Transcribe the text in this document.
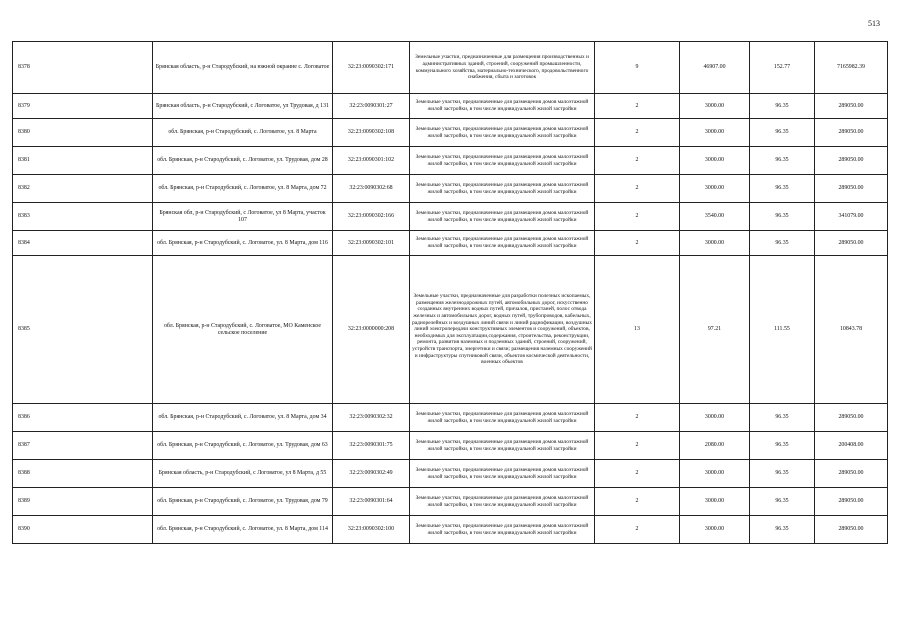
513
8378	Брянская область, р-н Стародубский, на южной окраине с. Логоватое	32:23:0090302:171	Земельные участки, предназначенные для размещения производственных и административных зданий, строений, сооружений промышленности, коммунального хозяйства, материально-технического, продовольственного снабжения, сбыта и заготовок	9	46907.00	152.77	7165982.39
8379	Брянская область, р-н Стародубский, с Логоватое, ул Трудовая, д 131	32:23:0090301:27	Земельные участки, предназначенные для размещения домов малоэтажной жилой застройки, в том числе индивидуальной жилой застройки	2	3000.00	96.35	289050.00
8380	обл. Брянская, р-н Стародубский, с. Логоватое, ул. 8 Марта	32:23:0090302:108	Земельные участки, предназначенные для размещения домов малоэтажной жилой застройки, в том числе индивидуальной жилой застройки	2	3000.00	96.35	289050.00
8381	обл. Брянская, р-н Стародубский, с. Логоватое, ул. Трудовая, дом 28	32:23:0090301:102	Земельные участки, предназначенные для размещения домов малоэтажной жилой застройки, в том числе индивидуальной жилой застройки	2	3000.00	96.35	289050.00
8382	обл. Брянская, р-н Стародубский, с. Логоватое, ул. 8 Марта, дом 72	32:23:0090302:68	Земельные участки, предназначенные для размещения домов малоэтажной жилой застройки, в том числе индивидуальной жилой застройки	2	3000.00	96.35	289050.00
8383	Брянская обл, р-н Стародубский, с Логоватое, ул 8 Марта, участок 107	32:23:0090302:166	Земельные участки, предназначенные для размещения домов малоэтажной жилой застройки, в том числе индивидуальной жилой застройки	2	3540.00	96.35	341079.00
8384	обл. Брянская, р-н Стародубский, с. Логоватое, ул. 8 Марта, дом 116	32:23:0090302:101	Земельные участки, предназначенные для размещения домов малоэтажной жилой застройки, в том числе индивидуальной жилой застройки	2	3000.00	96.35	289050.00
8385	обл. Брянская, р-н Стародубский, с. Логоватое, МО Каменское сельское поселение	32:23:0000000:208	Земельные участки, предназначенные для разработки полезных ископаемых, размещения железнодорожных путей, автомобильных дорог, искусственно созданных внутренних водных путей, причалов, пристаней, полос отвода железных и автомобильных дорог, водных путей, трубопроводов, кабельных, радиорелейных и воздушных линий связи и линий радиофикации, воздушных линий электропередачи конструктивных элементов и сооружений, объектов, необходимых для эксплуатации,содержания, строительства, реконструкции, ремонта, развития наземных и подземных зданий, строений, сооружений, устройств транспорта, энергетики и связи; размещения наземных сооружений и инфраструктуры спутниковой связи, объектов космической деятельности, военных объектов	13	97.21	111.55	10843.78
8386	обл. Брянская, р-н Стародубский, с. Логоватое, ул. 8 Марта, дом 34	32:23:0090302:32	Земельные участки, предназначенные для размещения домов малоэтажной жилой застройки, в том числе индивидуальной жилой застройки	2	3000.00	96.35	289050.00
8387	обл. Брянская, р-н Стародубский, с. Логоватое, ул. Трудовая, дом 63	32:23:0090301:75	Земельные участки, предназначенные для размещения домов малоэтажной жилой застройки, в том числе индивидуальной жилой застройки	2	2080.00	96.35	200408.00
8388	Брянская область, р-н Стародубский, с Логоватое, ул 8 Марта, д 55	32:23:0090302:49	Земельные участки, предназначенные для размещения домов малоэтажной жилой застройки, в том числе индивидуальной жилой застройки	2	3000.00	96.35	289050.00
8389	обл. Брянская, р-н Стародубский, с. Логоватое, ул. Трудовая, дом 79	32:23:0090301:64	Земельные участки, предназначенные для размещения домов малоэтажной жилой застройки, в том числе индивидуальной жилой застройки	2	3000.00	96.35	289050.00
8390	обл. Брянская, р-н Стародубский, с. Логоватое, ул. 8 Марта, дом 114	32:23:0090302:100	Земельные участки, предназначенные для размещения домов малоэтажной жилой застройки, в том числе индивидуальной жилой застройки	2	3000.00	96.35	289050.00
